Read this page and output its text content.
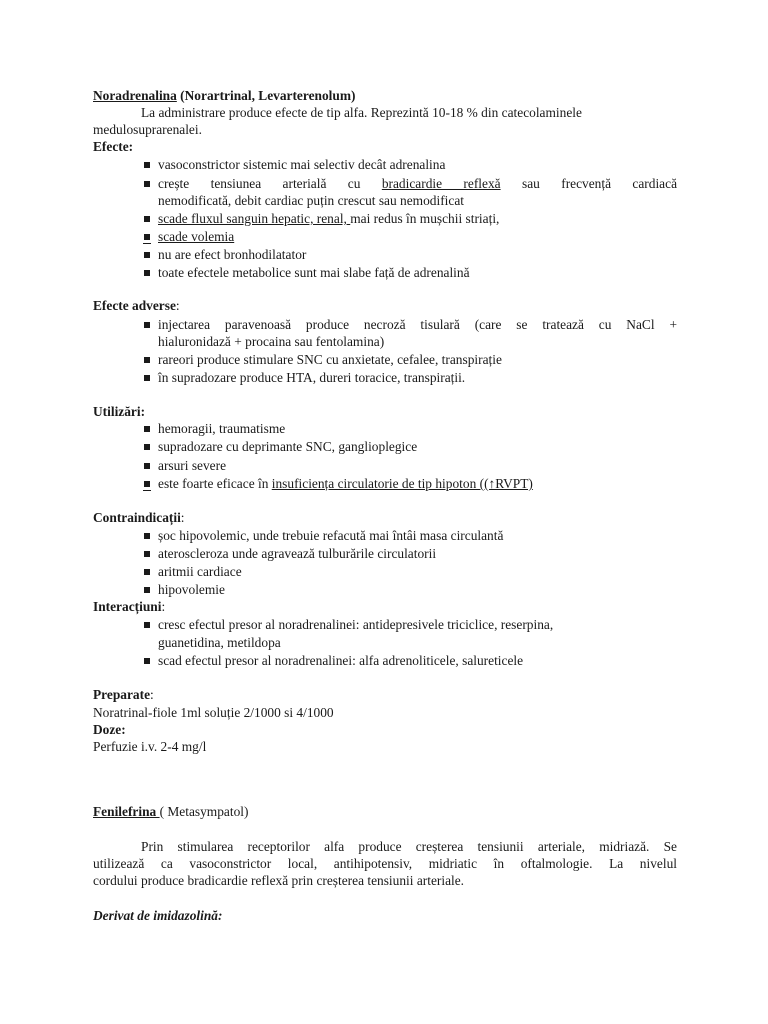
Noradrenalina (Norartrinal, Levarterenolum)
La administrare produce efecte de tip alfa. Reprezintă 10-18 % din catecolaminele
medulosuprarenalei.
Efecte:
vasoconstrictor sistemic mai selectiv decât adrenalina
crește tensiunea arterială cu bradicardie reflexă sau frecvență cardiacă
nemodificată, debit cardiac puțin crescut sau nemodificat
scade fluxul sanguin hepatic, renal, mai redus în mușchii striați,
scade volemia
nu are efect bronhodilatator
toate efectele metabolice sunt mai slabe față de adrenalină
Efecte adverse:
injectarea paravenoasă produce necroză tisulară (care se tratează cu NaCl +
hialuronidază + procaina sau fentolamina)
rareori produce stimulare SNC cu anxietate, cefalee, transpirație
în supradozare produce HTA, dureri toracice, transpirații.
Utilizări:
hemoragii, traumatisme
supradozare cu deprimante SNC, ganglioplegice
arsuri severe
este foarte eficace în insuficiența circulatorie de tip hipoton ((↑RVPT)
Contraindicații:
șoc hipovolemic, unde trebuie refacută mai întâi masa circulantă
ateroscleroza unde agravează tulburările circulatorii
aritmii cardiace
hipovolemie
Interacțiuni:
cresc efectul presor al noradrenalinei: antidepresivele triciclice, reserpina,
guanetidina, metildopa
scad efectul presor al noradrenalinei: alfa adrenoliticele, salureticele
Preparate:
Noratrinal-fiole 1ml soluție 2/1000 si 4/1000
Doze:
Perfuzie i.v. 2-4 mg/l
Fenilefrina ( Metasympatol)
Prin stimularea receptorilor alfa produce creșterea tensiunii arteriale, midriază. Se
utilizează ca vasoconstrictor local, antihipotensiv, midriatic în oftalmologie. La nivelul
cordului produce bradicardie reflexă prin creșterea tensiunii arteriale.
Derivat de imidazolină:
